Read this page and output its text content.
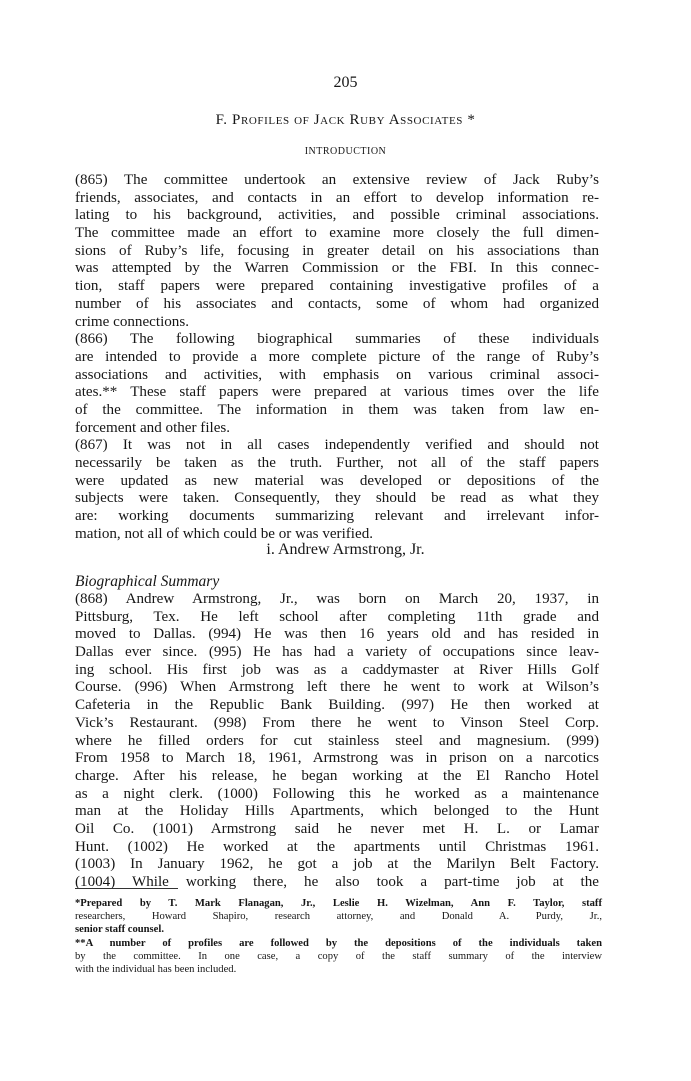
205
F. Profiles of Jack Ruby Associates *
INTRODUCTION
(865) The committee undertook an extensive review of Jack Ruby’s
friends, associates, and contacts in an effort to develop information re-
lating to his background, activities, and possible criminal associations.
The committee made an effort to examine more closely the full dimen-
sions of Ruby’s life, focusing in greater detail on his associations than
was attempted by the Warren Commission or the FBI. In this connec-
tion, staff papers were prepared containing investigative profiles of a
number of his associates and contacts, some of whom had organized
crime connections.
(866) The following biographical summaries of these individuals
are intended to provide a more complete picture of the range of Ruby’s
associations and activities, with emphasis on various criminal associ-
ates.** These staff papers were prepared at various times over the life
of the committee. The information in them was taken from law en-
forcement and other files.
(867) It was not in all cases independently verified and should not
necessarily be taken as the truth. Further, not all of the staff papers
were updated as new material was developed or depositions of the
subjects were taken. Consequently, they should be read as what they
are: working documents summarizing relevant and irrelevant infor-
mation, not all of which could be or was verified.
i. Andrew Armstrong, Jr.
Biographical Summary
(868) Andrew Armstrong, Jr., was born on March 20, 1937, in
Pittsburg, Tex. He left school after completing 11th grade and
moved to Dallas. (994) He was then 16 years old and has resided in
Dallas ever since. (995) He has had a variety of occupations since leav-
ing school. His first job was as a caddymaster at River Hills Golf
Course. (996) When Armstrong left there he went to work at Wilson’s
Cafeteria in the Republic Bank Building. (997) He then worked at
Vick’s Restaurant. (998) From there he went to Vinson Steel Corp.
where he filled orders for cut stainless steel and magnesium. (999)
From 1958 to March 18, 1961, Armstrong was in prison on a narcotics
charge. After his release, he began working at the El Rancho Hotel
as a night clerk. (1000) Following this he worked as a maintenance
man at the Holiday Hills Apartments, which belonged to the Hunt
Oil Co. (1001) Armstrong said he never met H. L. or Lamar
Hunt. (1002) He worked at the apartments until Christmas 1961.
(1003) In January 1962, he got a job at the Marilyn Belt Factory.
(1004) While working there, he also took a part-time job at the
*Prepared by T. Mark Flanagan, Jr., Leslie H. Wizelman, Ann F. Taylor, staff
researchers, Howard Shapiro, research attorney, and Donald A. Purdy, Jr.,
senior staff counsel.
**A number of profiles are followed by the depositions of the individuals taken
by the committee. In one case, a copy of the staff summary of the interview
with the individual has been included.
